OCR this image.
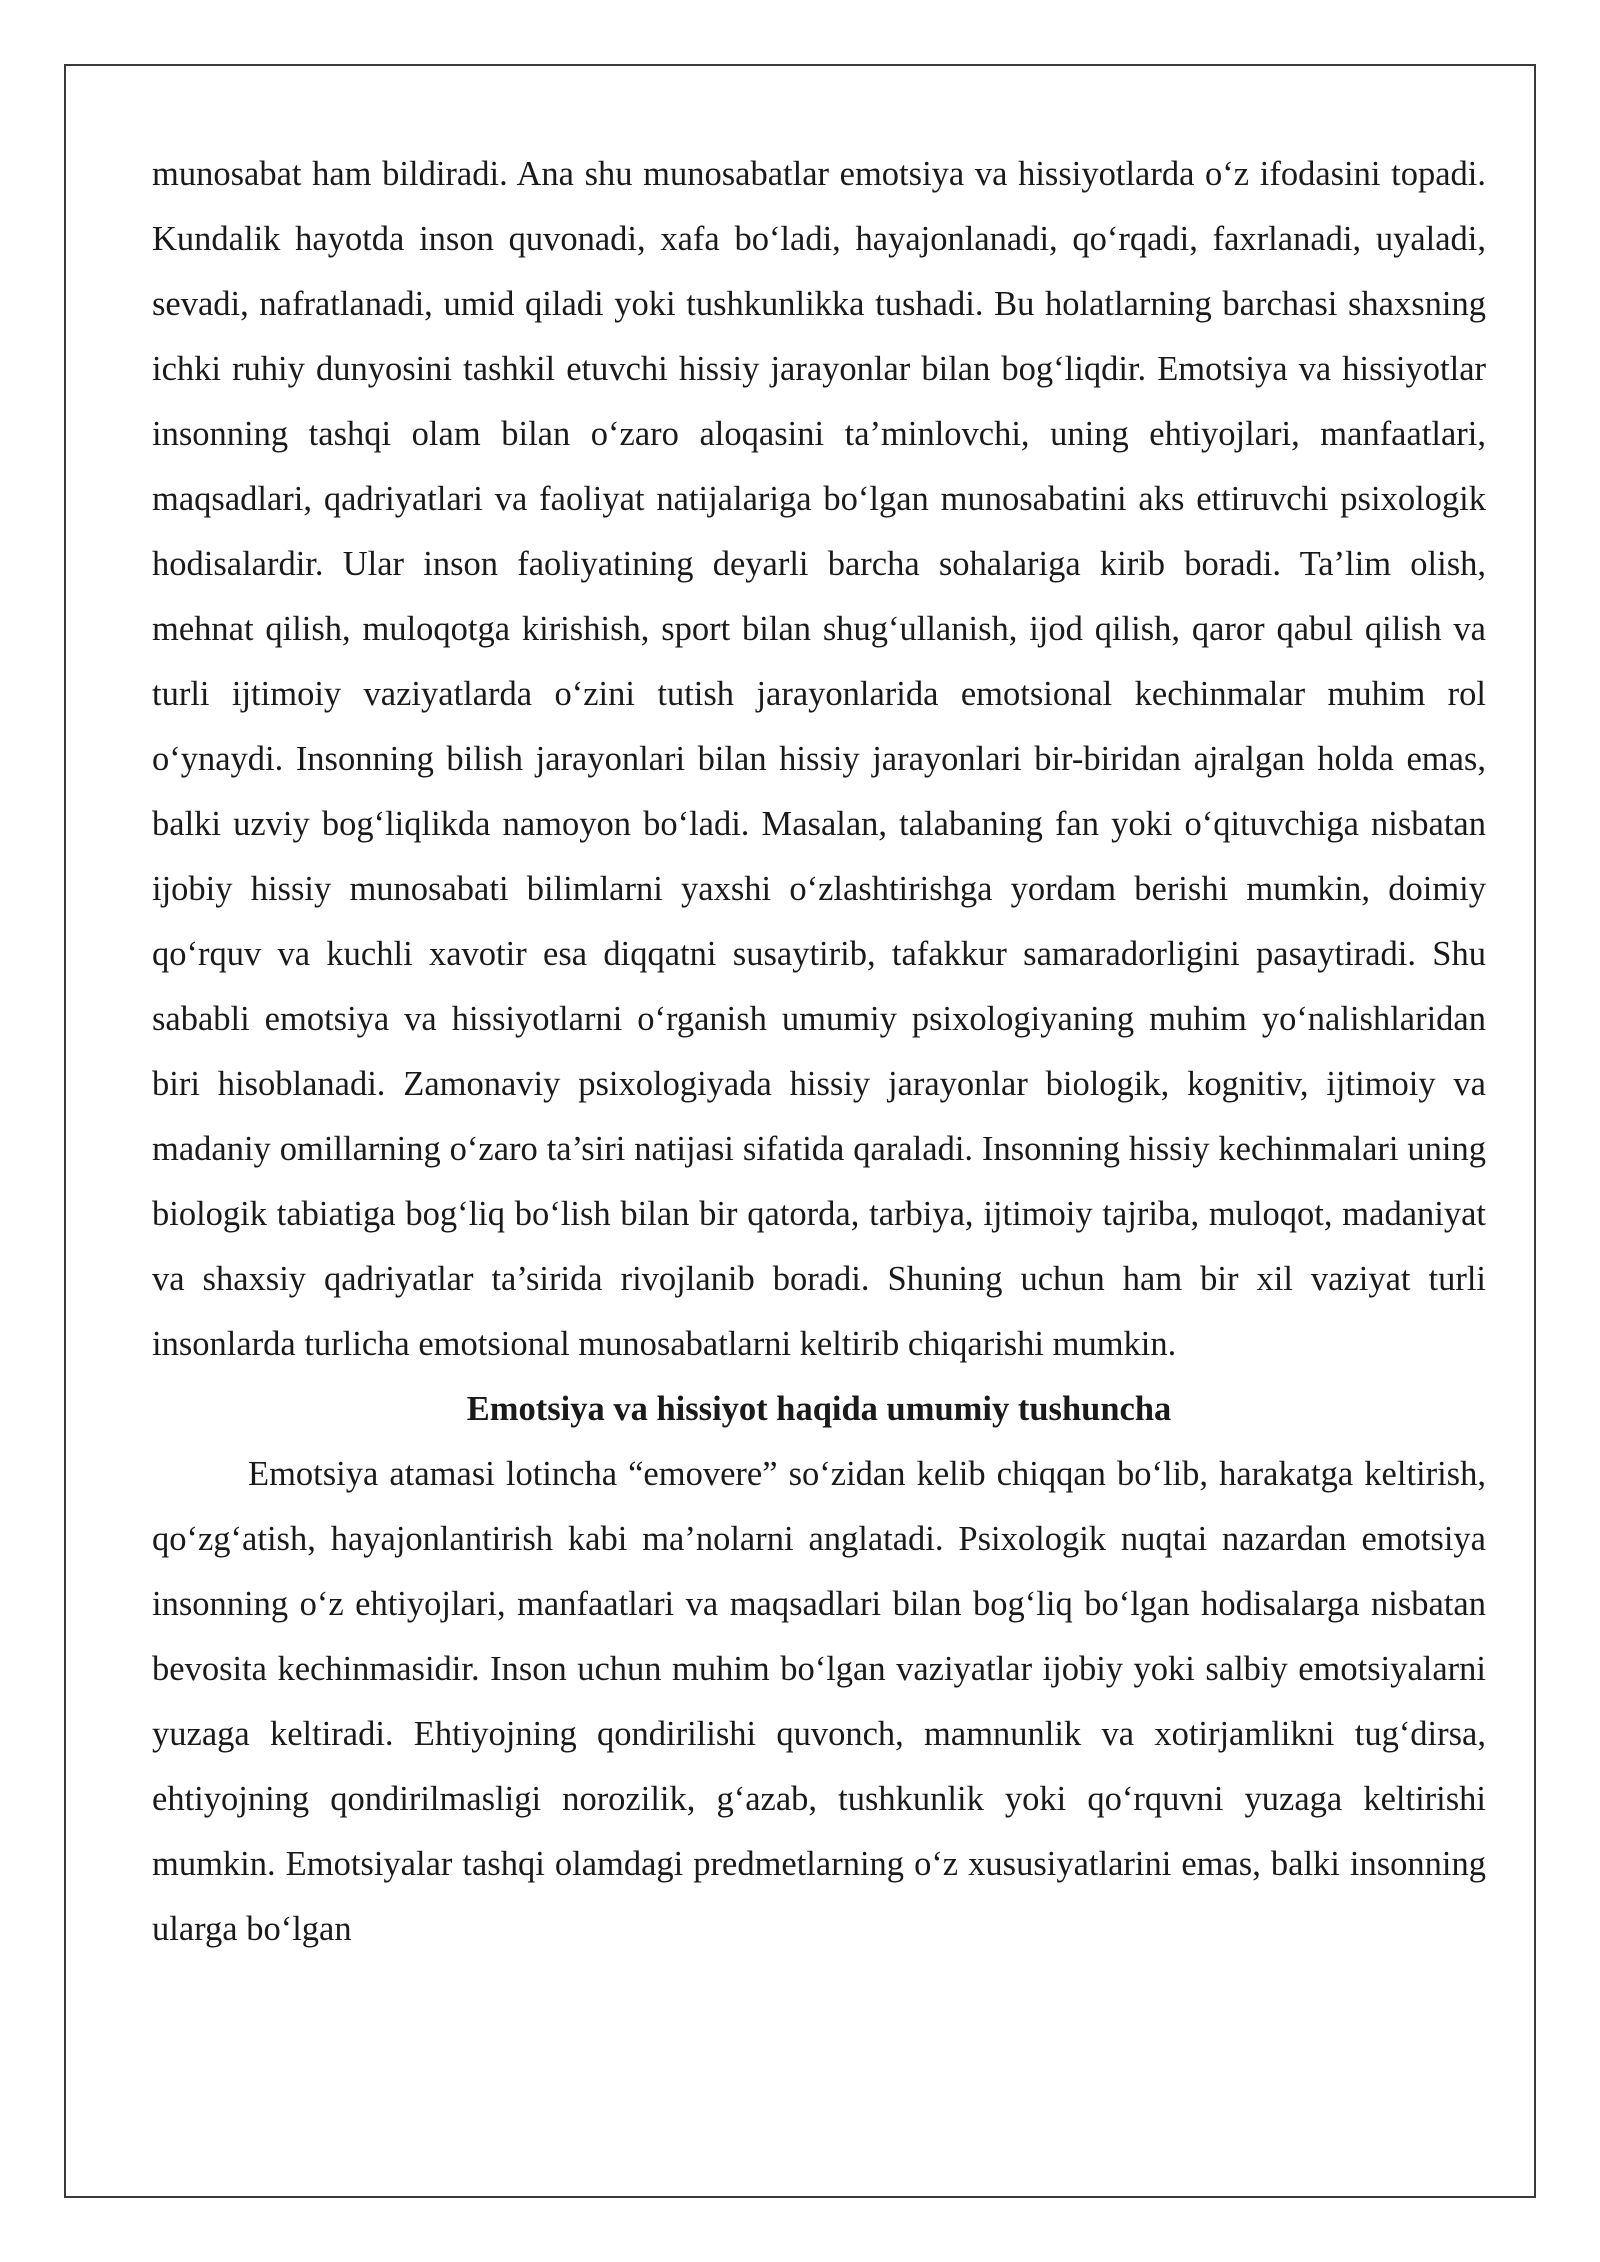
munosabat ham bildiradi. Ana shu munosabatlar emotsiya va hissiyotlarda o‘z ifodasini topadi. Kundalik hayotda inson quvonadi, xafa bo‘ladi, hayajonlanadi, qo‘rqadi, faxrlanadi, uyaladi, sevadi, nafratlanadi, umid qiladi yoki tushkunlikka tushadi. Bu holatlarning barchasi shaxsning ichki ruhiy dunyosini tashkil etuvchi hissiy jarayonlar bilan bog‘liqdir. Emotsiya va hissiyotlar insonning tashqi olam bilan o‘zaro aloqasini ta’minlovchi, uning ehtiyojlari, manfaatlari, maqsadlari, qadriyatlari va faoliyat natijalariga bo‘lgan munosabatini aks ettiruvchi psixologik hodisalardir. Ular inson faoliyatining deyarli barcha sohalariga kirib boradi. Ta’lim olish, mehnat qilish, muloqotga kirishish, sport bilan shug‘ullanish, ijod qilish, qaror qabul qilish va turli ijtimoiy vaziyatlarda o‘zini tutish jarayonlarida emotsional kechinmalar muhim rol o‘ynaydi. Insonning bilish jarayonlari bilan hissiy jarayonlari bir-biridan ajralgan holda emas, balki uzviy bog‘liqlikda namoyon bo‘ladi. Masalan, talabaning fan yoki o‘qituvchiga nisbatan ijobiy hissiy munosabati bilimlarni yaxshi o‘zlashtirishga yordam berishi mumkin, doimiy qo‘rquv va kuchli xavotir esa diqqatni susaytirib, tafakkur samaradorligini pasaytiradi. Shu sababli emotsiya va hissiyotlarni o‘rganish umumiy psixologiyaning muhim yo‘nalishlaridan biri hisoblanadi. Zamonaviy psixologiyada hissiy jarayonlar biologik, kognitiv, ijtimoiy va madaniy omillarning o‘zaro ta’siri natijasi sifatida qaraladi. Insonning hissiy kechinmalari uning biologik tabiatiga bog‘liq bo‘lish bilan bir qatorda, tarbiya, ijtimoiy tajriba, muloqot, madaniyat va shaxsiy qadriyatlar ta’sirida rivojlanib boradi. Shuning uchun ham bir xil vaziyat turli insonlarda turlicha emotsional munosabatlarni keltirib chiqarishi mumkin.

Emotsiya va hissiyot haqida umumiy tushuncha

Emotsiya atamasi lotincha “emovere” so‘zidan kelib chiqqan bo‘lib, harakatga keltirish, qo‘zg‘atish, hayajonlantirish kabi ma’nolarni anglatadi. Psixologik nuqtai nazardan emotsiya insonning o‘z ehtiyojlari, manfaatlari va maqsadlari bilan bog‘liq bo‘lgan hodisalarga nisbatan bevosita kechinmasidir. Inson uchun muhim bo‘lgan vaziyatlar ijobiy yoki salbiy emotsiyalarni yuzaga keltiradi. Ehtiyojning qondirilishi quvonch, mamnunlik va xotirjamlikni tug‘dirsa, ehtiyojning qondirilmasligi norozilik, g‘azab, tushkunlik yoki qo‘rquvni yuzaga keltirishi mumkin. Emotsiyalar tashqi olamdagi predmetlarning o‘z xususiyatlarini emas, balki insonning ularga bo‘lgan
